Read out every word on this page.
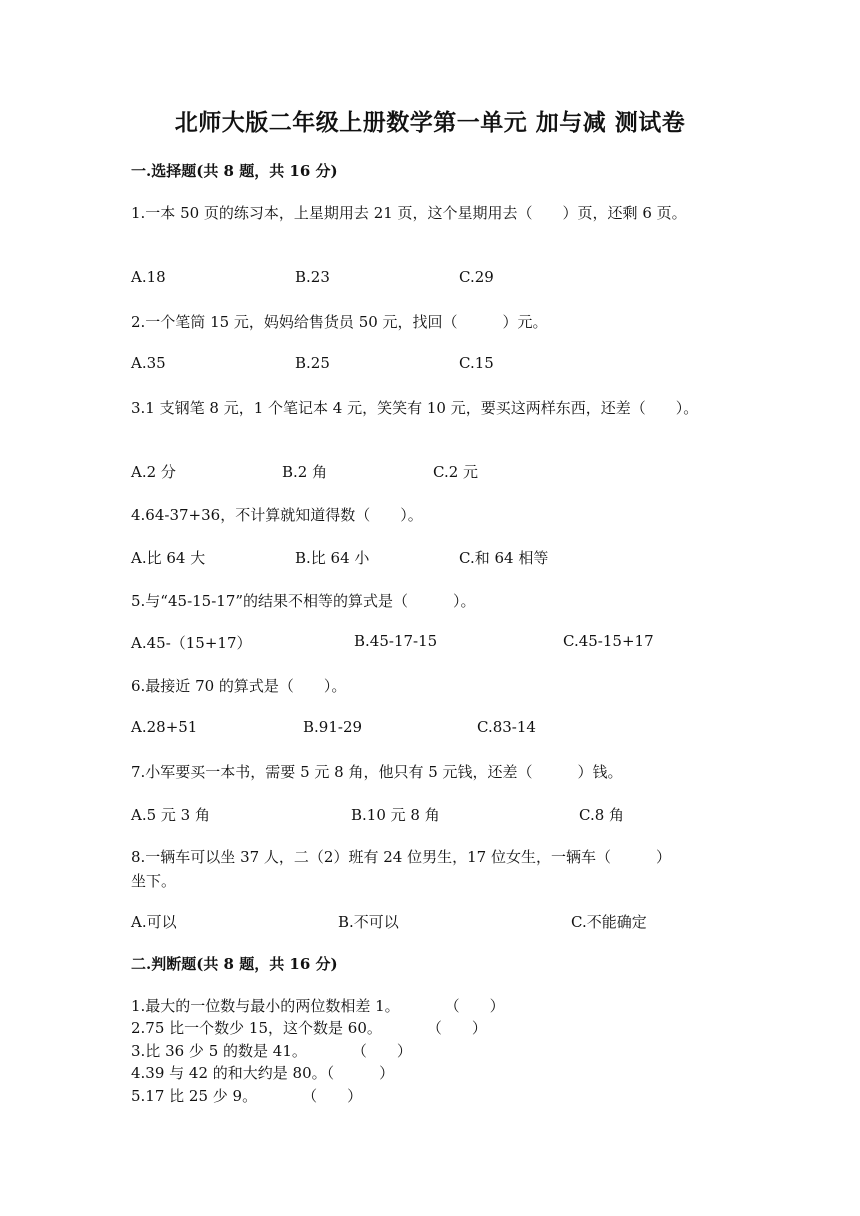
北师大版二年级上册数学第一单元 加与减 测试卷
一.选择题(共 8 题，共 16 分)
1.一本 50 页的练习本，上星期用去 21 页，这个星期用去（　　）页，还剩 6 页。
A.18	B.23	C.29
2.一个笔筒 15 元，妈妈给售货员 50 元，找回（　　　）元。
A.35	B.25	C.15
3.1 支钢笔 8 元，1 个笔记本 4 元，笑笑有 10 元，要买这两样东西，还差（　　）。
A.2 分	B.2 角	C.2 元
4.64-37+36，不计算就知道得数（　　）。
A.比 64 大	B.比 64 小	C.和 64 相等
5.与“45-15-17”的结果不相等的算式是（　　　）。
A.45-（15+17）	B.45-17-15	C.45-15+17
6.最接近 70 的算式是（　　）。
A.28+51	B.91-29	C.83-14
7.小军要买一本书，需要 5 元 8 角，他只有 5 元钱，还差（　　　）钱。
A.5 元 3 角	B.10 元 8 角	C.8 角
8.一辆车可以坐 37 人，二（2）班有 24 位男生，17 位女生，一辆车（　　　）坐下。
A.可以	B.不可以	C.不能确定
二.判断题(共 8 题，共 16 分)
1.最大的一位数与最小的两位数相差 1。　　　　（　　）
2.75 比一个数少 15，这个数是 60。　　　　（　　）
3.比 36 少 5 的数是 41。　　　　（　　）
4.39 与 42 的和大约是 80。（　　　）
5.17 比 25 少 9。　　　　（　　）
